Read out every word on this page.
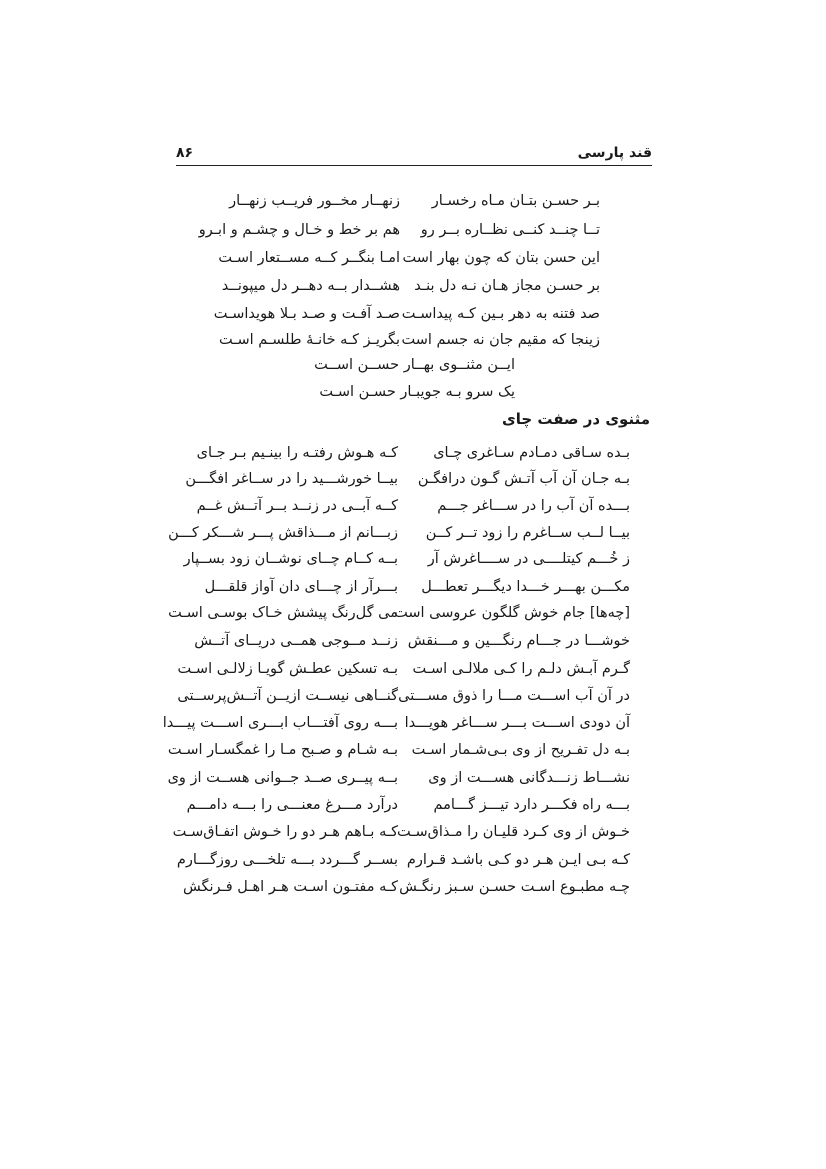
قند پارسی
۸۶
بـر حسـن بتـان مـاه رخسـار
زنهــار مخــور فریــب زنهــار
تــا چنــد کنــی نظــاره بــر رو
هم بر خط و خـال و چشـم و ابـرو
این حسن بتان که چون بهار است
امـا بنگــر کــه مســتعار اسـت
بر حسـن مجاز هـان نـه دل بنـد
هشــدار بــه دهــر دل میپونــد
صد فتنه به دهر بـین کـه پیداسـت
صـد آفـت و صـد بـلا هویداسـت
زینجا که مقیم جان نه جسم است
بگریـز کـه خانـهٔ طلسـم اسـت
ایــن مثنــوی بهــار حســن اســت
یک سرو بـه جویبـار حسـن اسـت
مثنوی در صفت چای
بـده سـاقی دمـادم سـاغری چـای
کـه هـوش رفتـه را بینـیم بـر جـای
بـه جـان آن آب آتـش گـون درافگـن
بیــا خورشـــید را در ســاغر افگـــن
بـــده آن آب را در ســـاغر جـــم
کــه آبــی در زنــد بــر آتــش غــم
بیــا لــب ســاغرم را زود تــر کــن
زبـــانم از مـــذاقش پـــر شـــکر کـــن
ز خُـــم کیتلــــی در ســــاغرش آر
بــه کــام چــای نوشــان زود بســپار
مکـــن بهـــر خـــدا دیگـــر تعطـــل
بـــرآر از چـــای دان آواز قلقـــل
[چه‌ها] جام خوش گلگون عروسی است
می گل‌رنگ پیشش خـاک بوسـی اسـت
خوشـــا در جـــام رنگـــین و مـــنقش
زنــد مــوجی همــی دریــای آتــش
گـرم آبـش دلـم را کـی ملالـی اسـت
بـه تسکین عطـش گویـا زلالـی اسـت
در آن آب اســـت مـــا را ذوق مســـتی
گنــاهی نیســت ازیــن آتــش‌پرســتی
آن دودی اســـت بـــر ســـاغر هویـــدا
بـــه روی آفتـــاب ابـــری اســـت پیـــدا
بـه دل تفـریح از وی بـی‌شـمار اسـت
بـه شـام و صـبح مـا را غمگسـار اسـت
نشـــاط زنـــدگانی هســـت از وی
بــه پیــری صــد جــوانی هســت از وی
بـــه راه فکـــر دارد تیـــز گـــامم
درآرد مـــرغ معنـــی را بـــه دامـــم
خـوش از وی کـرد قلیـان را مـذاق‌سـت
کـه بـاهم هـر دو را خـوش اتفـاق‌سـت
کـه بـی ایـن هـر دو کـی باشـد قـرارم
بســر گـــردد بـــه تلخـــی روزگـــارم
چـه مطبـوع اسـت حسـن سـبز رنگـش
کـه مفتـون اسـت هـر اهـل فـرنگش
